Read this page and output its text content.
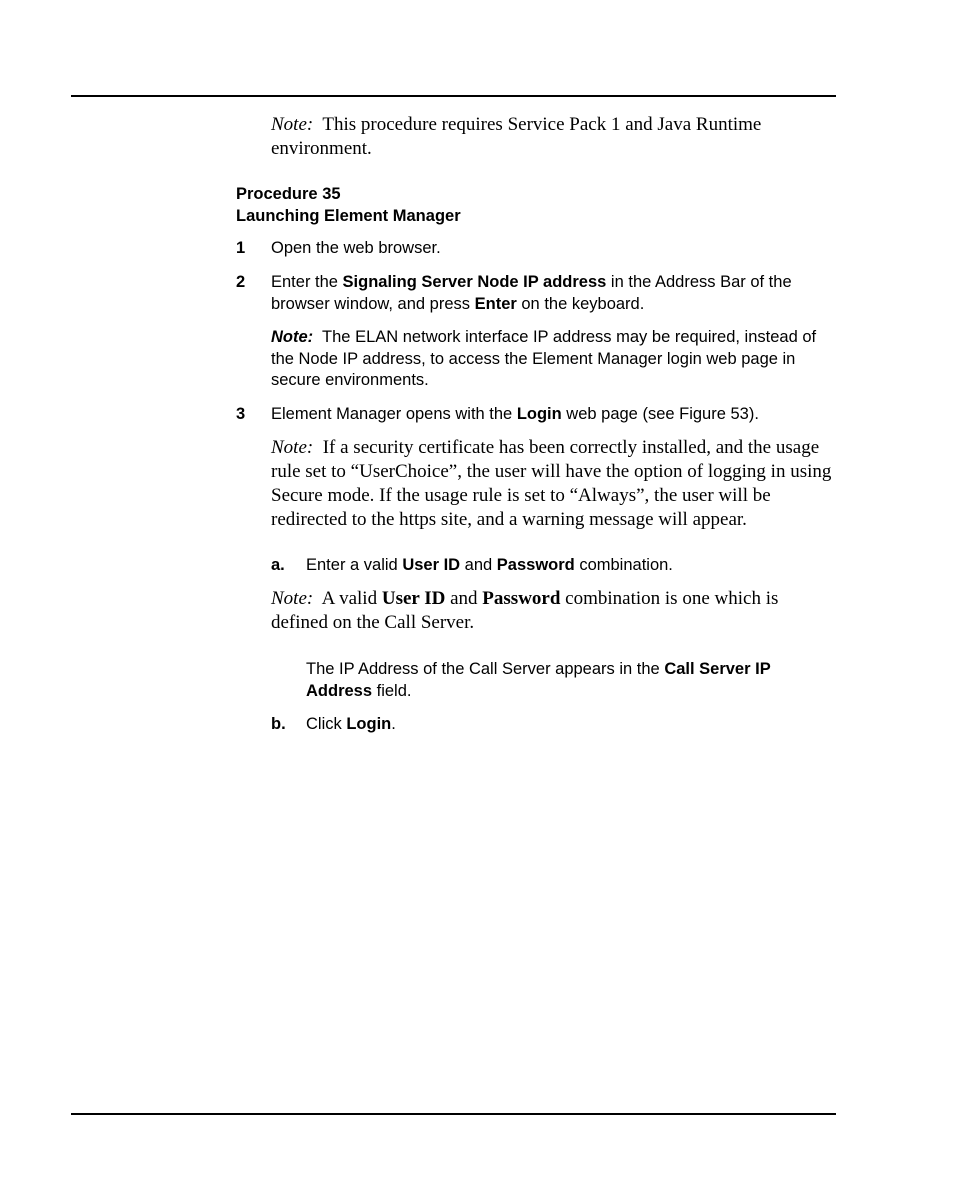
Note: This procedure requires Service Pack 1 and Java Runtime environment.
Procedure 35
Launching Element Manager
1 Open the web browser.
2 Enter the Signaling Server Node IP address in the Address Bar of the browser window, and press Enter on the keyboard.
Note: The ELAN network interface IP address may be required, instead of the Node IP address, to access the Element Manager login web page in secure environments.
3 Element Manager opens with the Login web page (see Figure 53).
Note: If a security certificate has been correctly installed, and the usage rule set to “UserChoice”, the user will have the option of logging in using Secure mode. If the usage rule is set to “Always”, the user will be redirected to the https site, and a warning message will appear.
a. Enter a valid User ID and Password combination.
Note: A valid User ID and Password combination is one which is defined on the Call Server.
The IP Address of the Call Server appears in the Call Server IP Address field.
b. Click Login.
